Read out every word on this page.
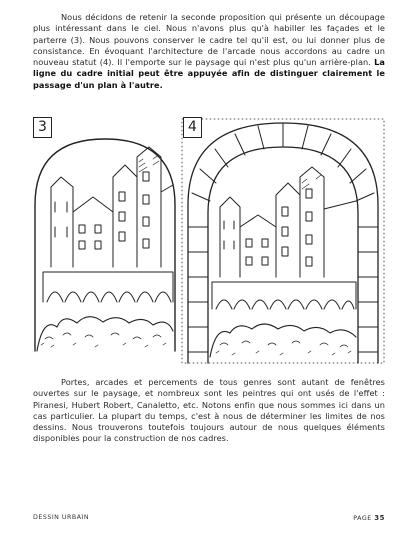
Nous décidons de retenir la seconde proposition qui présente un découpage plus intéressant dans le ciel. Nous n'avons plus qu'à habiller les façades et le parterre (3). Nous pouvons conserver le cadre tel qu'il est, ou lui donner plus de consistance. En évoquant l'architecture de l'arcade nous accordons au cadre un nouveau statut (4). Il l'emporte sur le paysage qui n'est plus qu'un arrière-plan. La ligne du cadre initial peut être appuyée afin de distinguer clairement le passage d'un plan à l'autre.

3	4

Portes, arcades et percements de tous genres sont autant de fenêtres ouvertes sur le paysage, et nombreux sont les peintres qui ont usés de l'effet : Piranesi, Hubert Robert, Canaletto, etc. Notons enfin que nous sommes ici dans un cas particulier. La plupart du temps, c'est à nous de déterminer les limites de nos dessins. Nous trouverons toutefois toujours autour de nous quelques éléments disponibles pour la construction de nos cadres.

DESSIN URBAIN	PAGE 35
